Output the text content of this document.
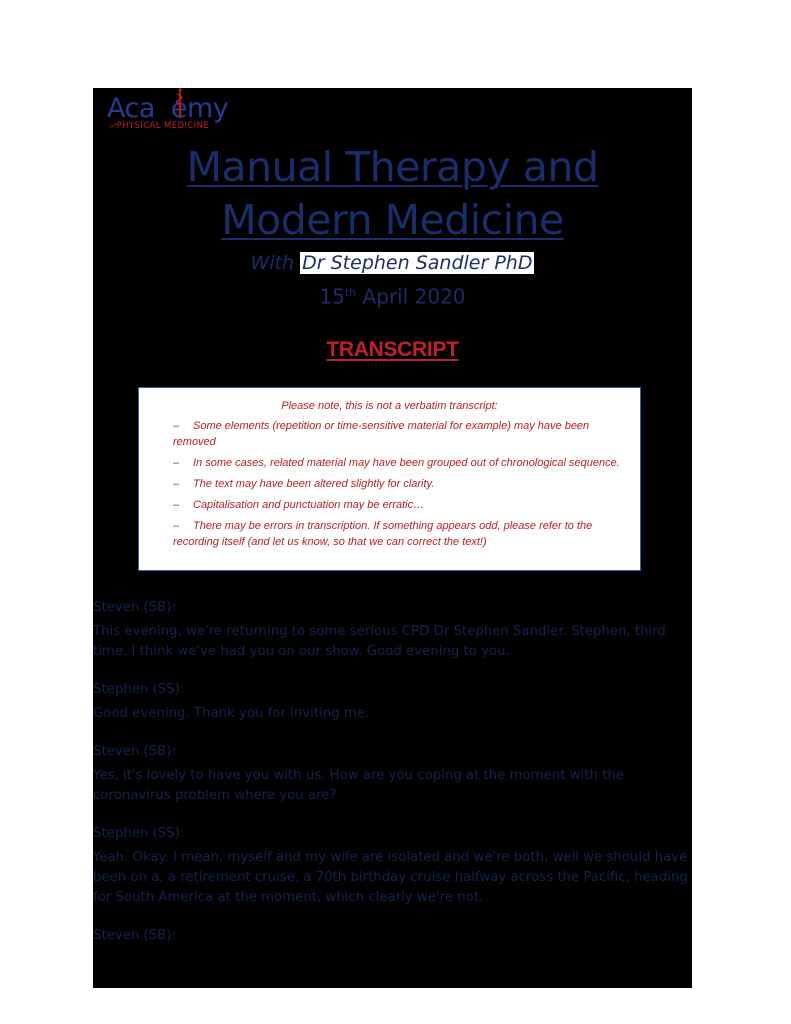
Aca emy
ofPHYSICAL MEDICINE
Manual Therapy and
Modern Medicine
With Dr Stephen Sandler PhD
15th April 2020
TRANSCRIPT
Please note, this is not a verbatim transcript:
– Some elements (repetition or time-sensitive material for example) may have been removed
– In some cases, related material may have been grouped out of chronological sequence.
– The text may have been altered slightly for clarity.
– Capitalisation and punctuation may be erratic…
– There may be errors in transcription. If something appears odd, please refer to the recording itself (and let us know, so that we can correct the text!)
Steven (SB):
This evening, we're returning to some serious CPD Dr Stephen Sandler. Stephen, third time, I think we've had you on our show. Good evening to you.
Stephen (SS):
Good evening. Thank you for inviting me.
Steven (SB):
Yes, it's lovely to have you with us. How are you coping at the moment with the coronavirus problem where you are?
Stephen (SS):
Yeah. Okay. I mean, myself and my wife are isolated and we're both, well we should have been on a, a retirement cruise, a 70th birthday cruise halfway across the Pacific, heading for South America at the moment, which clearly we're not.
Steven (SB):
